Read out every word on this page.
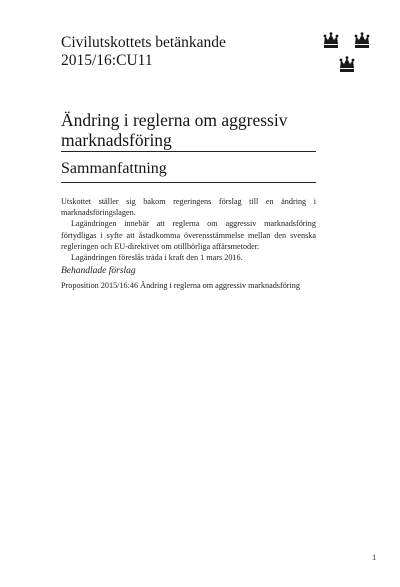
Civilutskottets betänkande
2015/16:CU11
Ändring i reglerna om aggressiv
marknadsföring
Sammanfattning

Utskottet ställer sig bakom regeringens förslag till en ändring i marknadsföringslagen.

Lagändringen innebär att reglerna om aggressiv marknadsföring förtydligas i syfte att åstadkomma överensstämmelse mellan den svenska regleringen och EU-direktivet om otillbörliga affärsmetoder.

Lagändringen föreslås träda i kraft den 1 mars 2016.

Behandlade förslag
Proposition 2015/16:46 Ändring i reglerna om aggressiv marknadsföring
1
